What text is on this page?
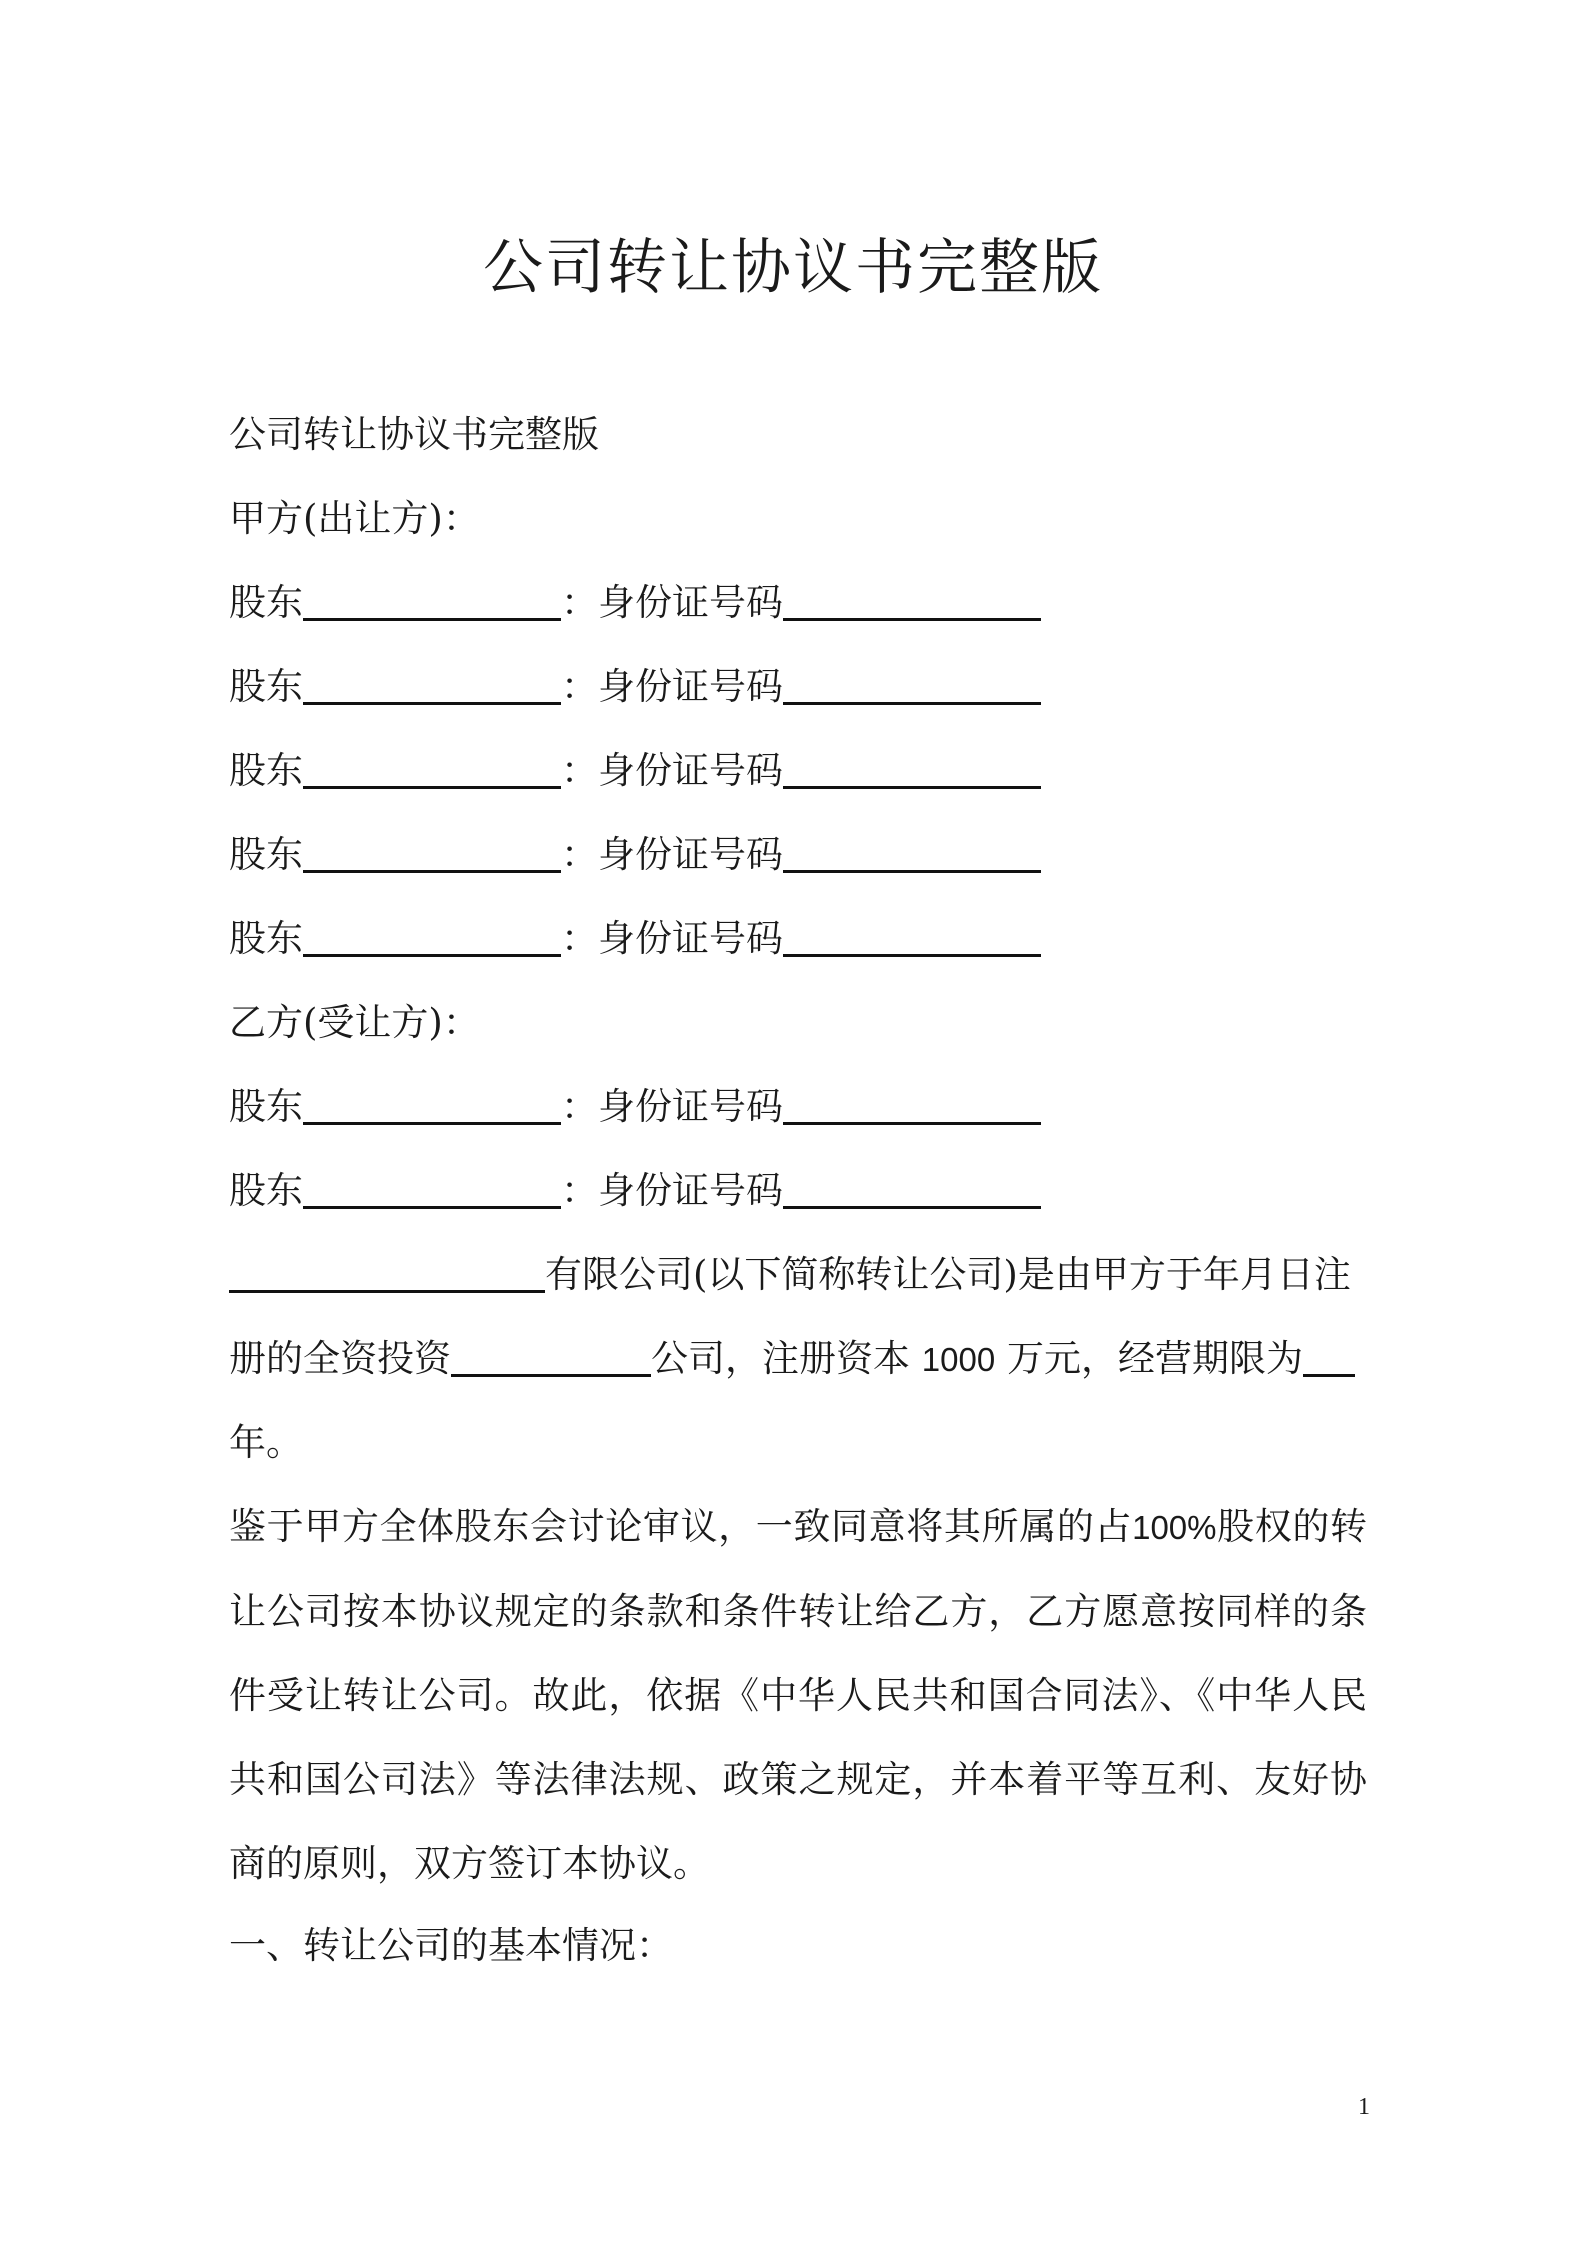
公司转让协议书完整版
公司转让协议书完整版
甲方(出让方)：
股东	：身份证号码
股东	：身份证号码
股东	：身份证号码
股东	：身份证号码
股东	：身份证号码
乙方(受让方)：
股东	：身份证号码
股东	：身份证号码
有限公司(以下简称转让公司)是由甲方于年月日注
册的全资投资	公司，注册资本 1000 万元，经营期限为
年。

鉴于甲方全体股东会讨论审议，一致同意将其所属的占100%股权的转让公司按本协议规定的条款和条件转让给乙方，乙方愿意按同样的条件受让转让公司。故此，依据《中华人民共和国合同法》、《中华人民共和国公司法》等法律法规、政策之规定，并本着平等互利、友好协商的原则，双方签订本协议。

一、转让公司的基本情况：
1
